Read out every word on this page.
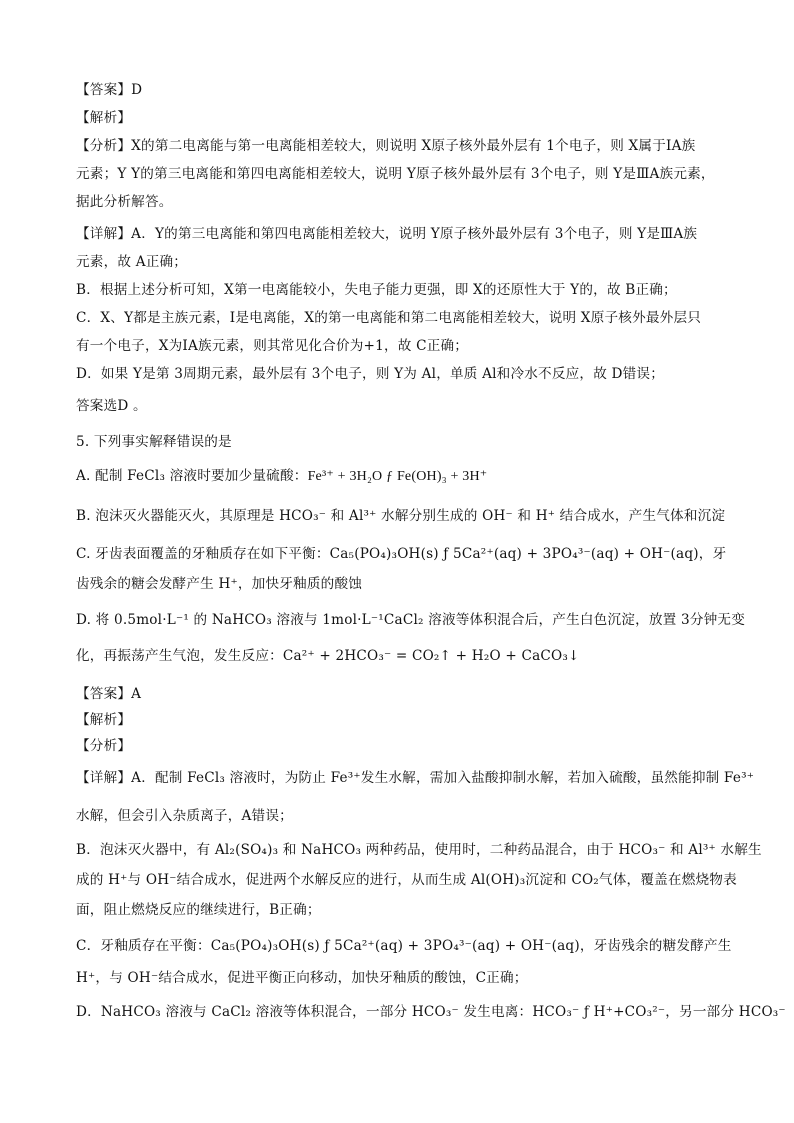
【答案】D
【解析】
【分析】X的第二电离能与第一电离能相差较大，则说明 X原子核外最外层有 1个电子，则 X属于ⅠA族
元素；Y Y的第三电离能和第四电离能相差较大，说明 Y原子核外最外层有 3个电子，则 Y是ⅢA族元素，
据此分析解答。
【详解】A．Y的第三电离能和第四电离能相差较大，说明 Y原子核外最外层有 3个电子，则 Y是ⅢA族
元素，故 A正确；
B．根据上述分析可知，X第一电离能较小，失电子能力更强，即 X的还原性大于 Y的，故 B正确；
C．X、Y都是主族元素，I是电离能，X的第一电离能和第二电离能相差较大，说明 X原子核外最外层只
有一个电子，X为ⅠA族元素，则其常见化合价为+1，故 C正确；
D．如果 Y是第 3周期元素，最外层有 3个电子，则 Y为 Al，单质 Al和冷水不反应，故 D错误；
答案选D 。
5. 下列事实解释错误的是
A. 配制 FeCl₃ 溶液时要加少量硫酸：Fe³⁺ + 3H₂O ƒ Fe(OH)₃ + 3H⁺
B. 泡沫灭火器能灭火，其原理是 HCO₃⁻ 和 Al³⁺ 水解分别生成的 OH⁻ 和 H⁺ 结合成水，产生气体和沉淀
C. 牙齿表面覆盖的牙釉质存在如下平衡：Ca₅(PO₄)₃OH(s) ƒ 5Ca²⁺(aq) + 3PO₄³⁻(aq) + OH⁻(aq)，牙
齿残余的糖会发酵产生 H⁺，加快牙釉质的酸蚀
D. 将 0.5mol·L⁻¹ 的 NaHCO₃ 溶液与 1mol·L⁻¹CaCl₂ 溶液等体积混合后，产生白色沉淀，放置 3分钟无变
化，再振荡产生气泡，发生反应：Ca²⁺ + 2HCO₃⁻ = CO₂↑ + H₂O + CaCO₃↓
【答案】A
【解析】
【分析】
【详解】A．配制 FeCl₃ 溶液时，为防止 Fe³⁺发生水解，需加入盐酸抑制水解，若加入硫酸，虽然能抑制 Fe³⁺
水解，但会引入杂质离子，A错误；
B．泡沫灭火器中，有 Al₂(SO₄)₃ 和 NaHCO₃ 两种药品，使用时，二种药品混合，由于 HCO₃⁻ 和 Al³⁺ 水解生
成的 H⁺与 OH⁻结合成水，促进两个水解反应的进行，从而生成 Al(OH)₃沉淀和 CO₂气体，覆盖在燃烧物表
面，阻止燃烧反应的继续进行，B正确；
C．牙釉质存在平衡：Ca₅(PO₄)₃OH(s) ƒ 5Ca²⁺(aq) + 3PO₄³⁻(aq) + OH⁻(aq)，牙齿残余的糖发酵产生
H⁺，与 OH⁻结合成水，促进平衡正向移动，加快牙釉质的酸蚀，C正确；
D．NaHCO₃ 溶液与 CaCl₂ 溶液等体积混合，一部分 HCO₃⁻ 发生电离：HCO₃⁻ ƒ H⁺+CO₃²⁻，另一部分 HCO₃⁻
